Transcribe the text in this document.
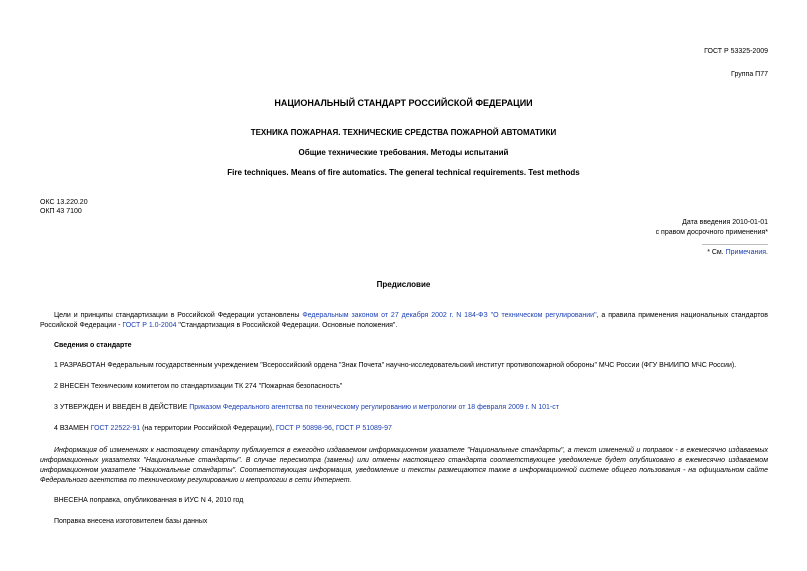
ГОСТ Р 53325-2009
Группа П77
НАЦИОНАЛЬНЫЙ СТАНДАРТ РОССИЙСКОЙ ФЕДЕРАЦИИ
ТЕХНИКА ПОЖАРНАЯ. ТЕХНИЧЕСКИЕ СРЕДСТВА ПОЖАРНОЙ АВТОМАТИКИ
Общие технические требования. Методы испытаний
Fire techniques. Means of fire automatics. The general technical requirements. Test methods
ОКС 13.220.20
ОКП 43 7100
Дата введения 2010-01-01
с правом досрочного применения*
* См. Примечания.
Предисловие
Цели и принципы стандартизации в Российской Федерации установлены Федеральным законом от 27 декабря 2002 г. N 184-ФЗ "О техническом регулировании", а правила применения национальных стандартов Российской Федерации - ГОСТ Р 1.0-2004 "Стандартизация в Российской Федерации. Основные положения".
Сведения о стандарте
1 РАЗРАБОТАН Федеральным государственным учреждением "Всероссийский ордена "Знак Почета" научно-исследовательский институт противопожарной обороны" МЧС России (ФГУ ВНИИПО МЧС России).
2 ВНЕСЕН Техническим комитетом по стандартизации ТК 274 "Пожарная безопасность"
3 УТВЕРЖДЕН И ВВЕДЕН В ДЕЙСТВИЕ Приказом Федерального агентства по техническому регулированию и метрологии от 18 февраля 2009 г. N 101-ст
4 ВЗАМЕН ГОСТ 22522-91 (на территории Российской Федерации), ГОСТ Р 50898-96, ГОСТ Р 51089-97
Информация об изменениях к настоящему стандарту публикуется в ежегодно издаваемом информационном указателе "Национальные стандарты", а текст изменений и поправок - в ежемесячно издаваемых информационных указателях "Национальные стандарты". В случае пересмотра (замены) или отмены настоящего стандарта соответствующее уведомление будет опубликовано в ежемесячно издаваемом информационном указателе "Национальные стандарты". Соответствующая информация, уведомление и тексты размещаются также в информационной системе общего пользования - на официальном сайте Федерального агентства по техническому регулированию и метрологии в сети Интернет.
ВНЕСЕНА поправка, опубликованная в ИУС N 4, 2010 год
Поправка внесена изготовителем базы данных
